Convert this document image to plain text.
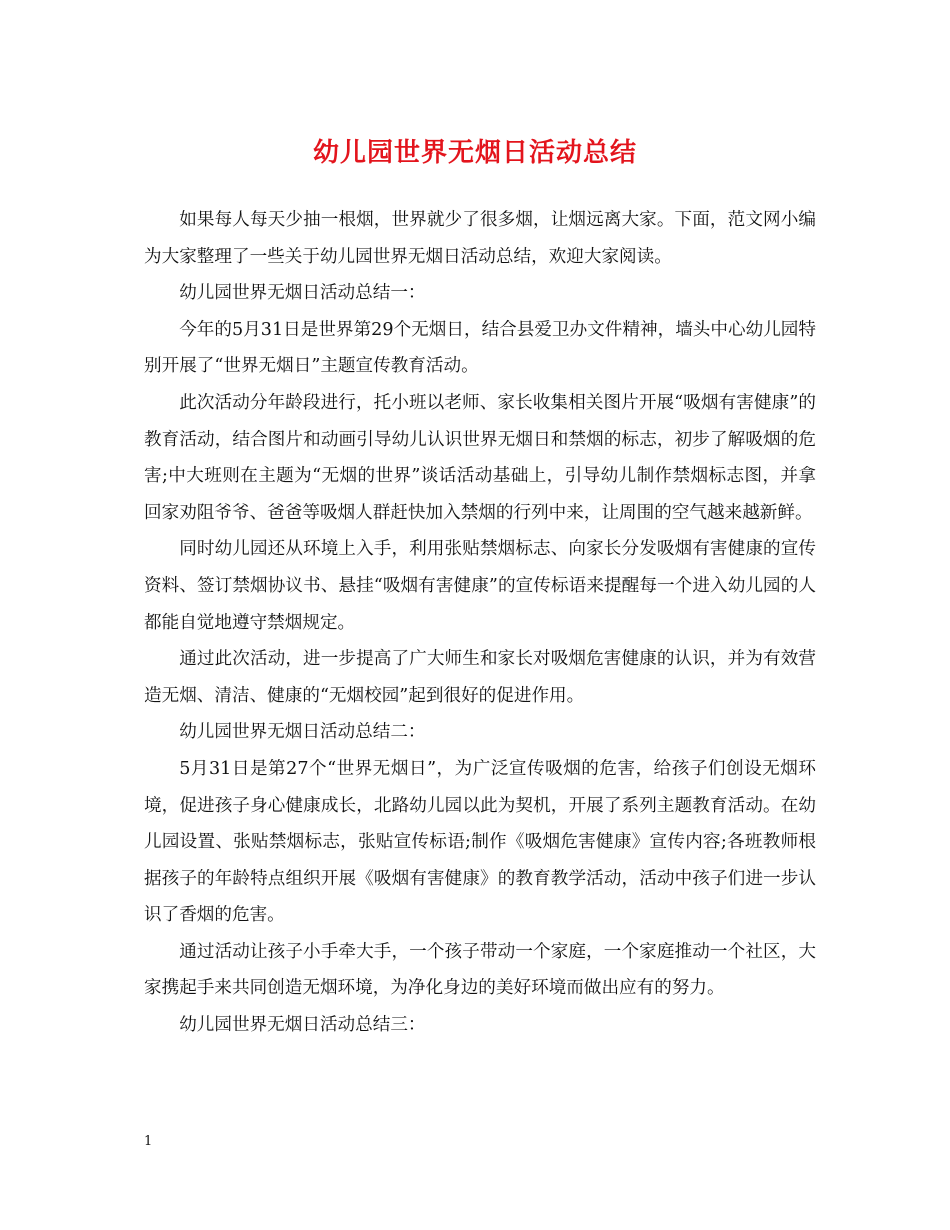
幼儿园世界无烟日活动总结

如果每人每天少抽一根烟，世界就少了很多烟，让烟远离大家。下面，范文网小编为大家整理了一些关于幼儿园世界无烟日活动总结，欢迎大家阅读。

幼儿园世界无烟日活动总结一：

今年的5月31日是世界第29个无烟日，结合县爱卫办文件精神，墙头中心幼儿园特别开展了“世界无烟日”主题宣传教育活动。

此次活动分年龄段进行，托小班以老师、家长收集相关图片开展“吸烟有害健康”的教育活动，结合图片和动画引导幼儿认识世界无烟日和禁烟的标志，初步了解吸烟的危害;中大班则在主题为“无烟的世界”谈话活动基础上，引导幼儿制作禁烟标志图，并拿回家劝阻爷爷、爸爸等吸烟人群赶快加入禁烟的行列中来，让周围的空气越来越新鲜。

同时幼儿园还从环境上入手，利用张贴禁烟标志、向家长分发吸烟有害健康的宣传资料、签订禁烟协议书、悬挂“吸烟有害健康”的宣传标语来提醒每一个进入幼儿园的人都能自觉地遵守禁烟规定。

通过此次活动，进一步提高了广大师生和家长对吸烟危害健康的认识，并为有效营造无烟、清洁、健康的“无烟校园”起到很好的促进作用。

幼儿园世界无烟日活动总结二：

5月31日是第27个“世界无烟日”，为广泛宣传吸烟的危害，给孩子们创设无烟环境，促进孩子身心健康成长，北路幼儿园以此为契机，开展了系列主题教育活动。在幼儿园设置、张贴禁烟标志，张贴宣传标语;制作《吸烟危害健康》宣传内容;各班教师根据孩子的年龄特点组织开展《吸烟有害健康》的教育教学活动，活动中孩子们进一步认识了香烟的危害。

通过活动让孩子小手牵大手，一个孩子带动一个家庭，一个家庭推动一个社区，大家携起手来共同创造无烟环境，为净化身边的美好环境而做出应有的努力。

幼儿园世界无烟日活动总结三：

1
